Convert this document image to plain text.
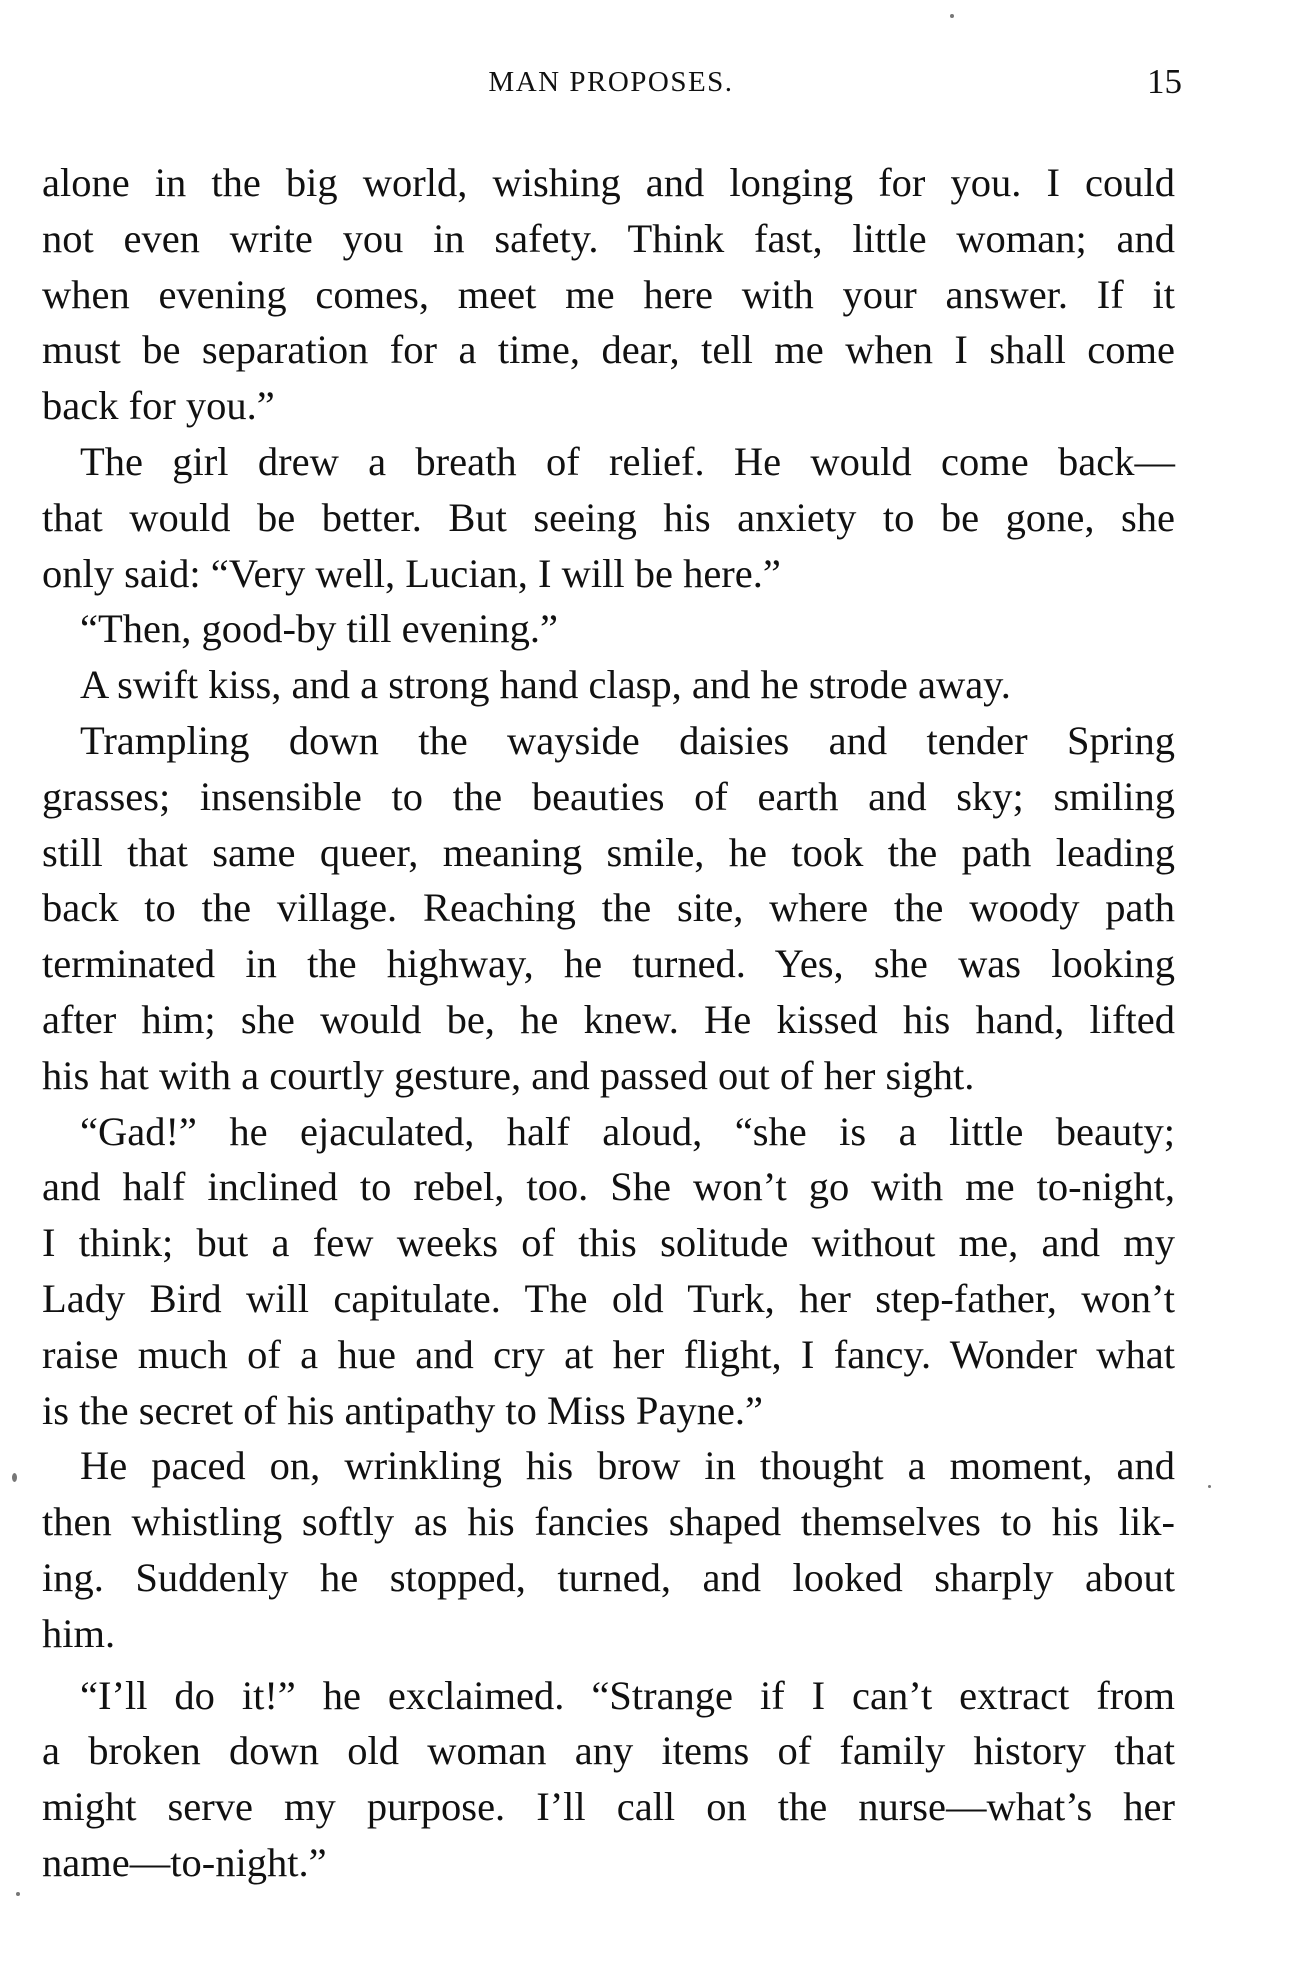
MAN PROPOSES.	15
alone in the big world, wishing and longing for you. I could
not even write you in safety. Think fast, little woman; and
when evening comes, meet me here with your answer. If it
must be separation for a time, dear, tell me when I shall come
back for you.”
The girl drew a breath of relief. He would come back—
that would be better. But seeing his anxiety to be gone, she
only said: “Very well, Lucian, I will be here.”
“Then, good-by till evening.”
A swift kiss, and a strong hand clasp, and he strode away.
Trampling down the wayside daisies and tender Spring
grasses; insensible to the beauties of earth and sky; smiling
still that same queer, meaning smile, he took the path leading
back to the village. Reaching the site, where the woody path
terminated in the highway, he turned. Yes, she was looking
after him; she would be, he knew. He kissed his hand, lifted
his hat with a courtly gesture, and passed out of her sight.
“Gad!” he ejaculated, half aloud, “she is a little beauty;
and half inclined to rebel, too. She won’t go with me to-night,
I think; but a few weeks of this solitude without me, and my
Lady Bird will capitulate. The old Turk, her step-father, won’t
raise much of a hue and cry at her flight, I fancy. Wonder what
is the secret of his antipathy to Miss Payne.”
He paced on, wrinkling his brow in thought a moment, and
then whistling softly as his fancies shaped themselves to his lik-
ing. Suddenly he stopped, turned, and looked sharply about
him.
“I’ll do it!” he exclaimed. “Strange if I can’t extract from
a broken down old woman any items of family history that
might serve my purpose. I’ll call on the nurse—what’s her
name—to-night.”
